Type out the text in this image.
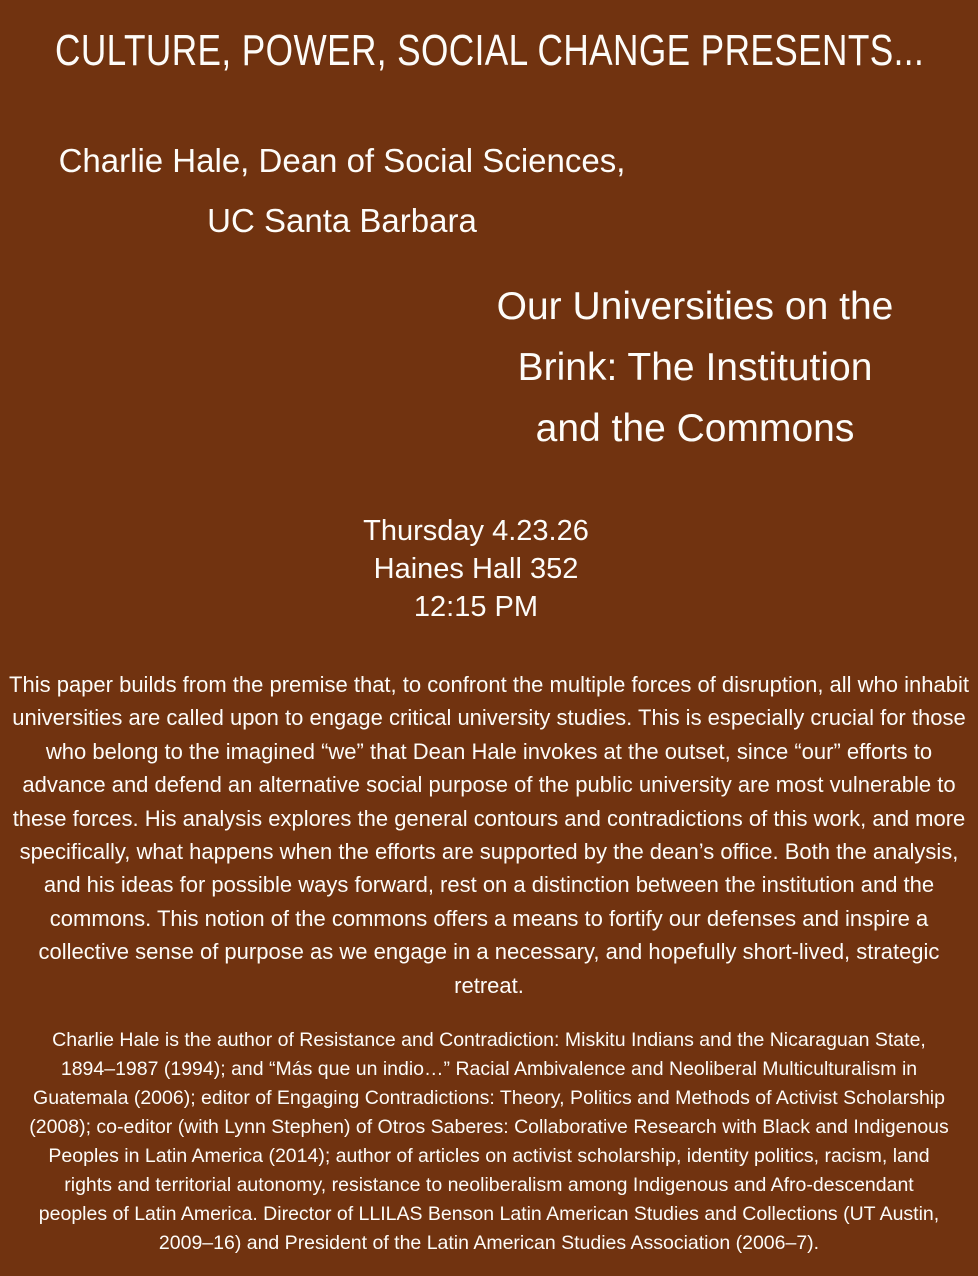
CULTURE, POWER, SOCIAL CHANGE PRESENTS...
Charlie Hale, Dean of Social Sciences,
UC Santa Barbara
Our Universities on the
Brink: The Institution
and the Commons
Thursday 4.23.26
Haines Hall 352
12:15 PM
This paper builds from the premise that, to confront the multiple forces of disruption, all who inhabit universities are called upon to engage critical university studies. This is especially crucial for those who belong to the imagined “we” that Dean Hale invokes at the outset, since “our” efforts to advance and defend an alternative social purpose of the public university are most vulnerable to these forces. His analysis explores the general contours and contradictions of this work, and more specifically, what happens when the efforts are supported by the dean’s office. Both the analysis, and his ideas for possible ways forward, rest on a distinction between the institution and the commons. This notion of the commons offers a means to fortify our defenses and inspire a collective sense of purpose as we engage in a necessary, and hopefully short-lived, strategic retreat.
Charlie Hale is the author of Resistance and Contradiction: Miskitu Indians and the Nicaraguan State, 1894–1987 (1994); and “Más que un indio…” Racial Ambivalence and Neoliberal Multiculturalism in Guatemala (2006); editor of Engaging Contradictions: Theory, Politics and Methods of Activist Scholarship (2008); co-editor (with Lynn Stephen) of Otros Saberes: Collaborative Research with Black and Indigenous Peoples in Latin America (2014); author of articles on activist scholarship, identity politics, racism, land rights and territorial autonomy, resistance to neoliberalism among Indigenous and Afro-descendant peoples of Latin America. Director of LLILAS Benson Latin American Studies and Collections (UT Austin, 2009–16) and President of the Latin American Studies Association (2006–7).
